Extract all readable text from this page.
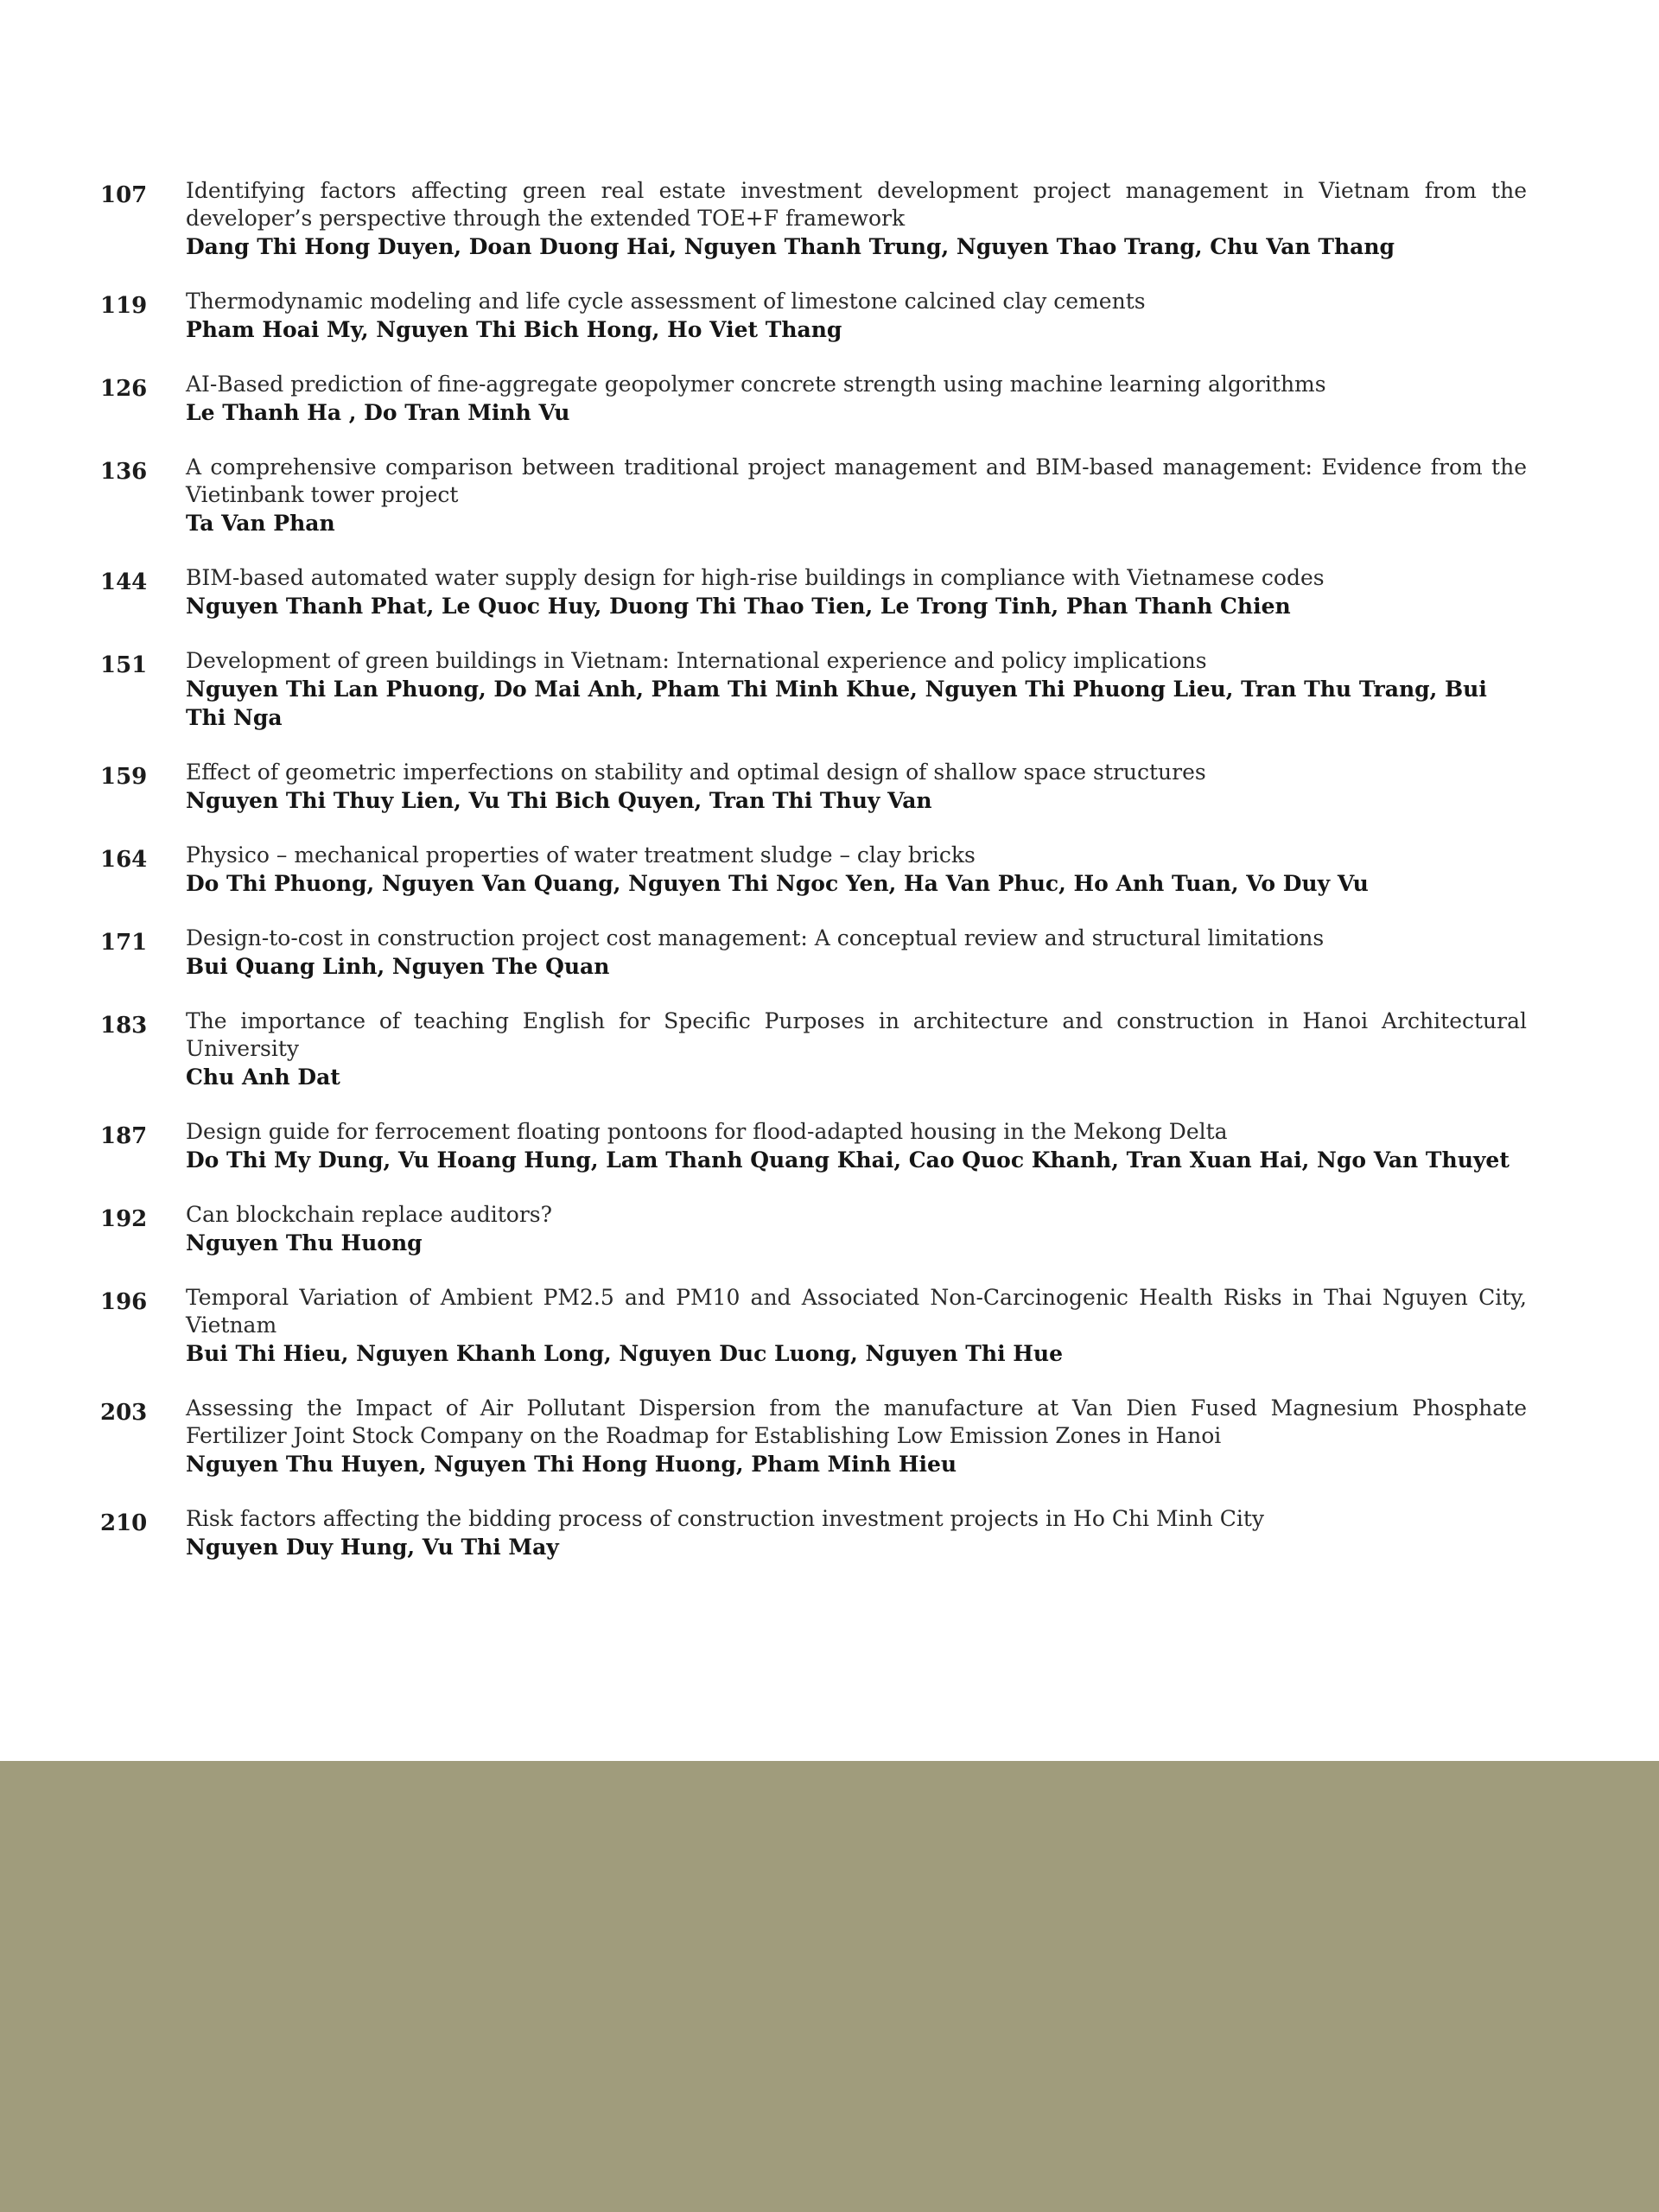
107	Identifying factors affecting green real estate investment development project management in Vietnam from the developer’s perspective through the extended TOE+F framework
Dang Thi Hong Duyen, Doan Duong Hai, Nguyen Thanh Trung, Nguyen Thao Trang, Chu Van Thang
119	Thermodynamic modeling and life cycle assessment of limestone calcined clay cements
Pham Hoai My, Nguyen Thi Bich Hong, Ho Viet Thang
126	AI-Based prediction of fine-aggregate geopolymer concrete strength using machine learning algorithms
Le Thanh Ha , Do Tran Minh Vu
136	A comprehensive comparison between traditional project management and BIM-based management: Evidence from the Vietinbank tower project
Ta Van Phan
144	BIM-based automated water supply design for high-rise buildings in compliance with Vietnamese codes
Nguyen Thanh Phat, Le Quoc Huy, Duong Thi Thao Tien, Le Trong Tinh, Phan Thanh Chien
151	Development of green buildings in Vietnam: International experience and policy implications
Nguyen Thi Lan Phuong, Do Mai Anh, Pham Thi Minh Khue, Nguyen Thi Phuong Lieu, Tran Thu Trang, Bui Thi Nga
159	Effect of geometric imperfections on stability and optimal design of shallow space structures
Nguyen Thi Thuy Lien, Vu Thi Bich Quyen, Tran Thi Thuy Van
164	Physico – mechanical properties of water treatment sludge – clay bricks
Do Thi Phuong, Nguyen Van Quang, Nguyen Thi Ngoc Yen, Ha Van Phuc, Ho Anh Tuan, Vo Duy Vu
171	Design-to-cost in construction project cost management: A conceptual review and structural limitations
Bui Quang Linh, Nguyen The Quan
183	The importance of teaching English for Specific Purposes in architecture and construction in Hanoi Architectural University
Chu Anh Dat
187	Design guide for ferrocement floating pontoons for flood-adapted housing in the Mekong Delta
Do Thi My Dung, Vu Hoang Hung, Lam Thanh Quang Khai, Cao Quoc Khanh, Tran Xuan Hai, Ngo Van Thuyet
192	Can blockchain replace auditors?
Nguyen Thu Huong
196	Temporal Variation of Ambient PM2.5 and PM10 and Associated Non-Carcinogenic Health Risks in Thai Nguyen City, Vietnam
Bui Thi Hieu, Nguyen Khanh Long, Nguyen Duc Luong, Nguyen Thi Hue
203	Assessing the Impact of Air Pollutant Dispersion from the manufacture at Van Dien Fused Magnesium Phosphate Fertilizer Joint Stock Company on the Roadmap for Establishing Low Emission Zones in Hanoi
Nguyen Thu Huyen, Nguyen Thi Hong Huong, Pham Minh Hieu
210	Risk factors affecting the bidding process of construction investment projects in Ho Chi Minh City
Nguyen Duy Hung, Vu Thi May
